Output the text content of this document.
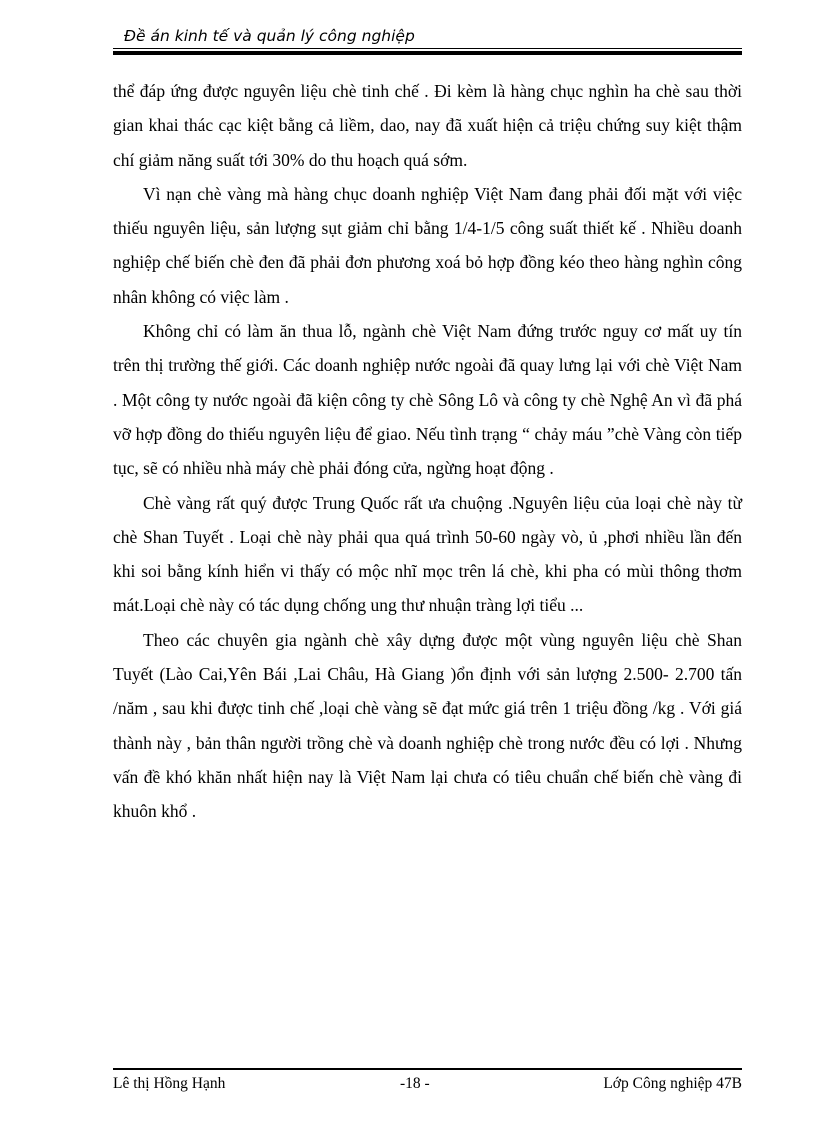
Đề án kinh tế và quản lý công nghiệp

thể đáp ứng được nguyên liệu chè tinh chế . Đi kèm là hàng chục nghìn ha chè sau thời gian khai thác cạc kiệt bằng cả liềm, dao, nay đã xuất hiện cả triệu chứng suy kiệt thậm chí giảm năng suất tới 30% do thu hoạch quá sớm.

Vì nạn chè vàng mà hàng chục doanh nghiệp Việt Nam đang phải đối mặt với việc thiếu nguyên liệu, sản lượng sụt giảm chỉ bằng 1/4-1/5 công suất thiết kế . Nhiều doanh nghiệp chế biến chè đen đã phải đơn phương xoá bỏ hợp đồng kéo theo hàng nghìn công nhân không có việc làm .

Không chỉ có làm ăn thua lỗ, ngành chè Việt Nam đứng trước nguy cơ mất uy tín trên thị trường thế giới. Các doanh nghiệp nước ngoài đã quay lưng lại với chè Việt Nam . Một công ty nước ngoài đã kiện công ty chè Sông Lô và công ty chè Nghệ An vì đã phá vỡ hợp đồng do thiếu nguyên liệu để giao. Nếu tình trạng “ chảy máu ”chè Vàng còn tiếp tục, sẽ có nhiều nhà máy chè phải đóng cửa, ngừng hoạt động .

Chè vàng rất quý được Trung Quốc rất ưa chuộng .Nguyên liệu của loại chè này từ chè Shan Tuyết . Loại chè này phải qua quá trình 50-60 ngày vò, ủ ,phơi nhiều lần đến khi soi bằng kính hiển vi thấy có mộc nhĩ mọc trên lá chè, khi pha có mùi thông thơm mát.Loại chè này có tác dụng chống ung thư nhuận tràng lợi tiểu ...

Theo các chuyên gia ngành chè xây dựng được một vùng nguyên liệu chè Shan Tuyết (Lào Cai,Yên Bái ,Lai Châu, Hà Giang )ổn định với sản lượng 2.500- 2.700 tấn /năm , sau khi được tinh chế ,loại chè vàng sẽ đạt mức giá trên 1 triệu đồng /kg . Với giá thành này , bản thân người trồng chè và doanh nghiệp chè trong nước đều có lợi . Nhưng vấn đề khó khăn nhất hiện nay là Việt Nam lại chưa có tiêu chuẩn chế biến chè vàng đi khuôn khổ .

Lê thị Hồng Hạnh	-18 -	Lớp Công nghiệp 47B
